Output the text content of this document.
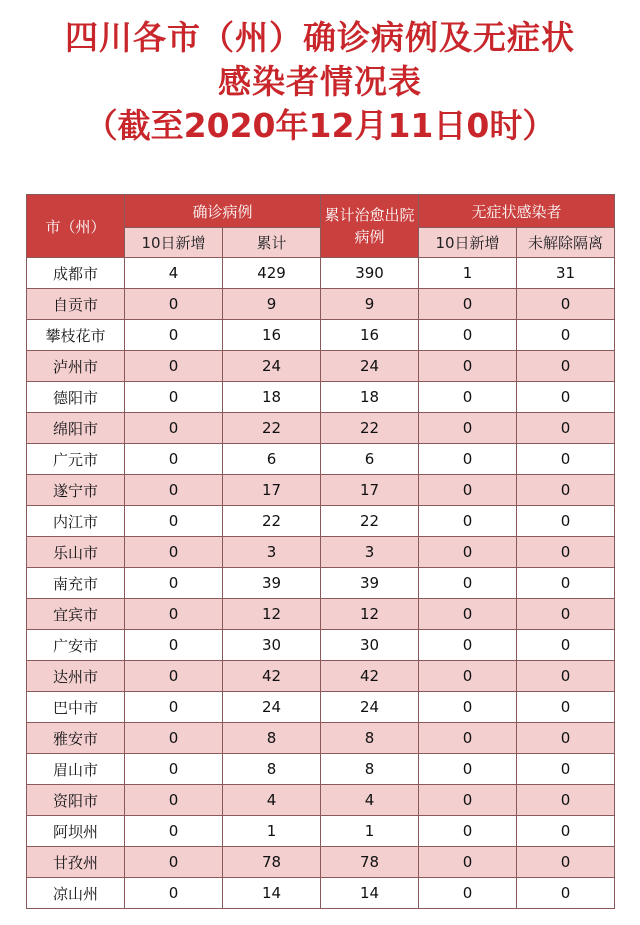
四川各市（州）确诊病例及无症状
感染者情况表
（截至2020年12月11日0时）
市（州）	确诊病例		累计治愈出院病例	无症状感染者	
	10日新增	累计		10日新增	未解除隔离
成都市	4	429	390	1	31
自贡市	0	9	9	0	0
攀枝花市	0	16	16	0	0
泸州市	0	24	24	0	0
德阳市	0	18	18	0	0
绵阳市	0	22	22	0	0
广元市	0	6	6	0	0
遂宁市	0	17	17	0	0
内江市	0	22	22	0	0
乐山市	0	3	3	0	0
南充市	0	39	39	0	0
宜宾市	0	12	12	0	0
广安市	0	30	30	0	0
达州市	0	42	42	0	0
巴中市	0	24	24	0	0
雅安市	0	8	8	0	0
眉山市	0	8	8	0	0
资阳市	0	4	4	0	0
阿坝州	0	1	1	0	0
甘孜州	0	78	78	0	0
凉山州	0	14	14	0	0
